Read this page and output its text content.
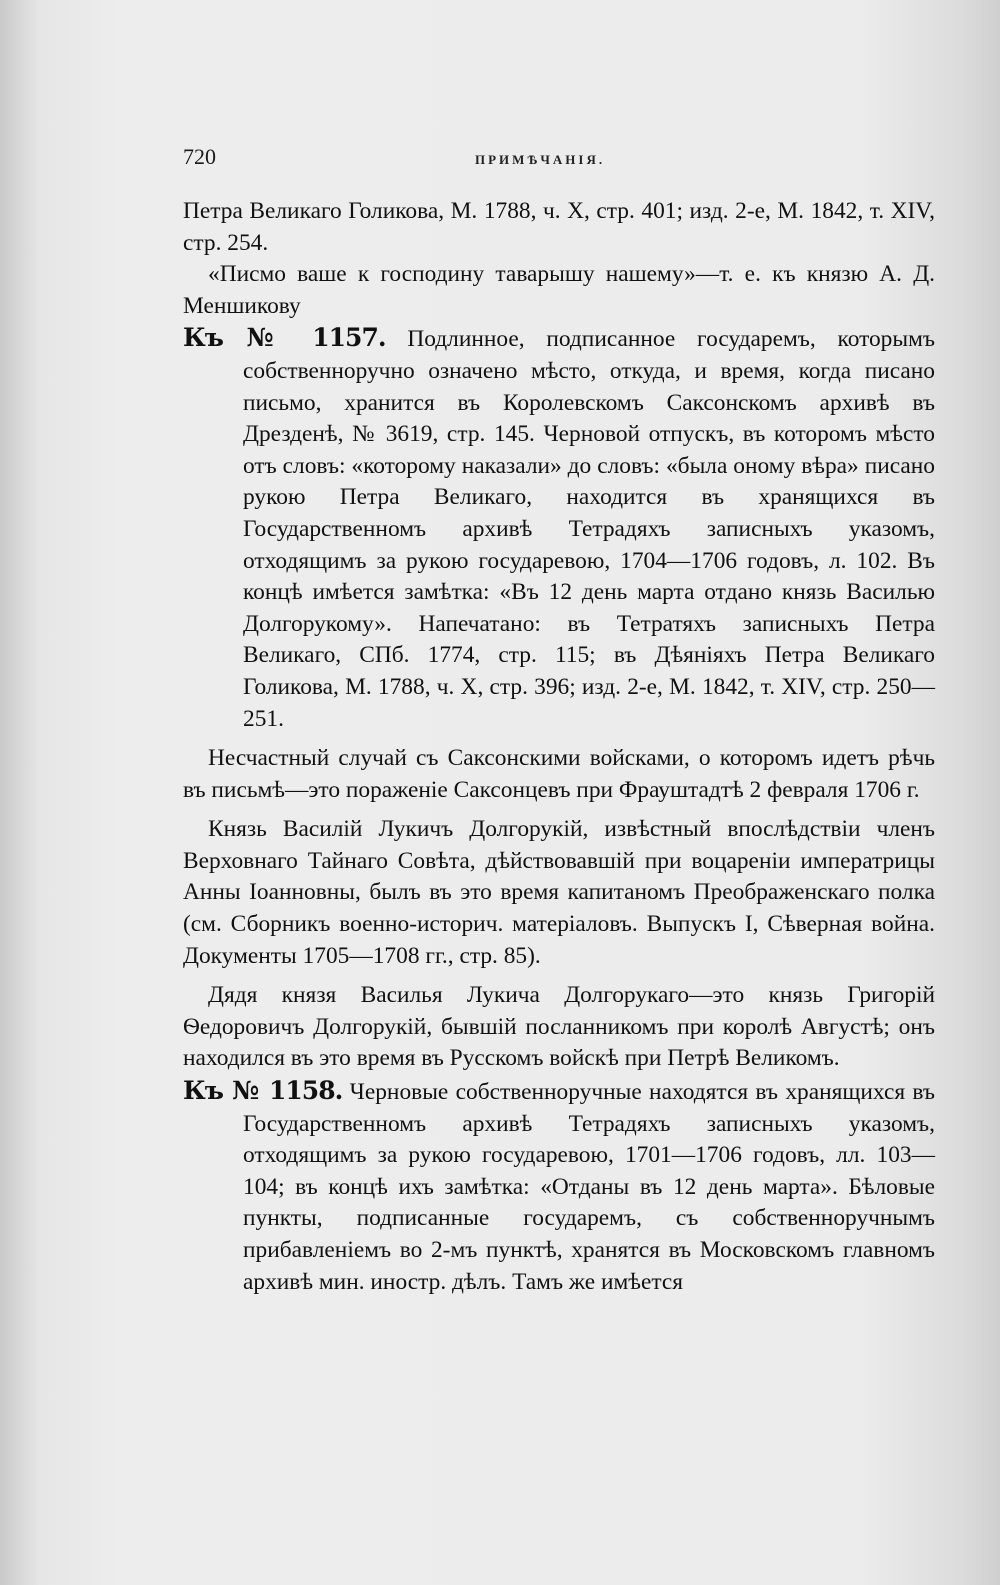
720	ПРИМѢЧАНІЯ.

Петра Великаго Голикова, М. 1788, ч. X, стр. 401; изд. 2-е, М. 1842, т. XIV, стр. 254.

«Писмо ваше к господину таварышу нашему»—т. е. къ князю А. Д. Меншикову

Къ № 1157. Подлинное, подписанное государемъ, которымъ собственноручно означено мѣсто, откуда, и время, когда писано письмо, хранится въ Королевскомъ Саксонскомъ архивѣ въ Дрезденѣ, № 3619, стр. 145. Черновой отпускъ, въ которомъ мѣсто отъ словъ: «которому наказали» до словъ: «была оному вѣра» писано рукою Петра Великаго, находится въ хранящихся въ Государственномъ архивѣ Тетрадяхъ записныхъ указомъ, отходящимъ за рукою государевою, 1704—1706 годовъ, л. 102. Въ концѣ имѣется замѣтка: «Въ 12 день марта отдано князь Василью Долгорукому». Напечатано: въ Тетратяхъ записныхъ Петра Великаго, СПб. 1774, стр. 115; въ Дѣяніяхъ Петра Великаго Голикова, М. 1788, ч. X, стр. 396; изд. 2-е, М. 1842, т. XIV, стр. 250—251.

Несчастный случай съ Саксонскими войсками, о которомъ идетъ рѣчь въ письмѣ—это пораженіе Саксонцевъ при Фрауштадтѣ 2 февраля 1706 г.

Князь Василій Лукичъ Долгорукій, извѣстный впослѣдствіи членъ Верховнаго Тайнаго Совѣта, дѣйствовавшій при воцареніи императрицы Анны Іоанновны, былъ въ это время капитаномъ Преображенскаго полка (см. Сборникъ военно-историч. матеріаловъ. Выпускъ I, Сѣверная война. Документы 1705—1708 гг., стр. 85).

Дядя князя Василья Лукича Долгорукаго—это князь Григорій Ѳедоровичъ Долгорукій, бывшій посланникомъ при королѣ Августѣ; онъ находился въ это время въ Русскомъ войскѣ при Петрѣ Великомъ.

Къ № 1158. Черновые собственноручные находятся въ хранящихся въ Государственномъ архивѣ Тетрадяхъ записныхъ указомъ, отходящимъ за рукою государевою, 1701—1706 годовъ, лл. 103—104; въ концѣ ихъ замѣтка: «Отданы въ 12 день марта». Бѣловые пункты, подписанные государемъ, съ собственноручнымъ прибавленіемъ во 2-мъ пунктѣ, хранятся въ Московскомъ главномъ архивѣ мин. иностр. дѣлъ. Тамъ же имѣется
